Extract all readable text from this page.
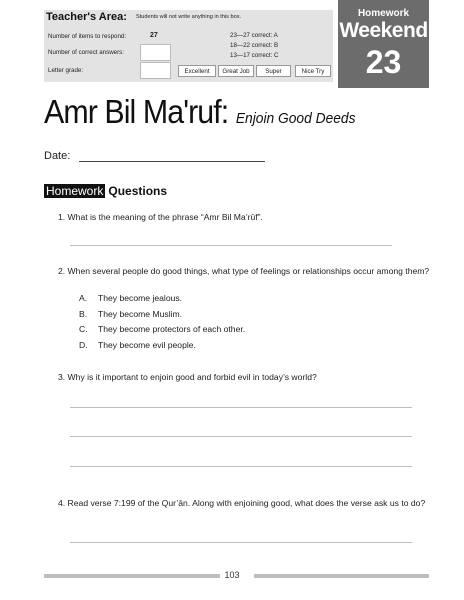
Teacher's Area: Students will not write anything in this box.
Number of items to respond:	27
Number of correct answers:
Letter grade:
23—27 correct: A
18—22 correct: B
13—17 correct: C
Excellent	Great Job	Super	Nice Try
Homework
Weekend
23
Amr Bil Ma'ruf: Enjoin Good Deeds
Date:
Homework Questions
1. What is the meaning of the phrase “Amr Bil Ma’rūf”.
2. When several people do good things, what type of feelings or relationships occur among them?
A. They become jealous.
B. They become Muslim.
C. They become protectors of each other.
D. They become evil people.
3. Why is it important to enjoin good and forbid evil in today’s world?
4. Read verse 7:199 of the Qur’ān. Along with enjoining good, what does the verse ask us to do?
103
